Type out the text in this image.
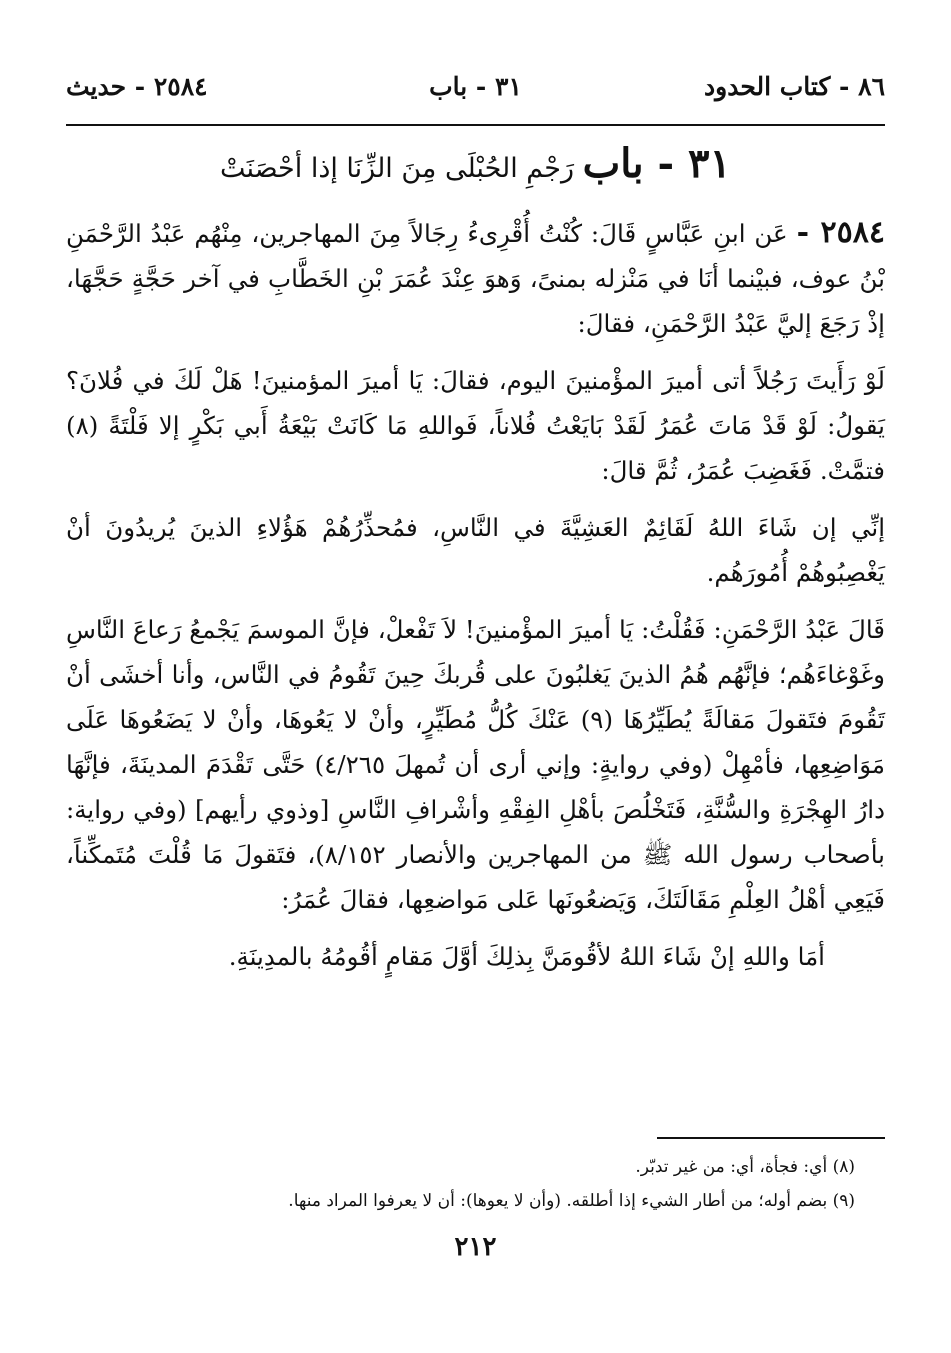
٨٦ - كتاب الحدود
٣١ - باب
٢٥٨٤ - حديث
٣١ - باب رَجْمِ الحُبْلَى مِنَ الزِّنَا إذا أحْصَنَتْ

٢٥٨٤ - عَن ابنِ عَبَّاسٍ قَالَ: كُنْتُ أُقْرِىءُ رِجَالاً مِنَ المهاجرين، مِنْهُم عَبْدُ الرَّحْمَنِ بْنُ عوف، فبيْنما أنَا في مَنْزله بمنىً، وَهوَ عِنْدَ عُمَرَ بْنِ الخَطَّابِ في آخر حَجَّةٍ حَجَّهَا، إذْ رَجَعَ إليَّ عَبْدُ الرَّحْمَنِ، فقالَ:

لَوْ رَأَيتَ رَجُلاً أتى أميرَ المؤْمنينَ اليوم، فقالَ: يَا أميرَ المؤمنينَ! هَلْ لَكَ في فُلانَ؟ يَقولُ: لَوْ قَدْ مَاتَ عُمَرُ لَقَدْ بَايَعْتُ فُلاناً، فَواللهِ مَا كَانَتْ بَيْعَةُ أَبي بَكْرٍ إلا فَلْتَةً (٨) فتمَّتْ. فَغَضِبَ عُمَرُ، ثُمَّ قالَ:

إنِّي إن شَاءَ اللهُ لَقَائِمٌ العَشِيَّةَ في النَّاسِ، فمُحذِّرُهُمْ هَؤُلاءِ الذينَ يُريدُونَ أنْ يَغْصِبُوهُمْ أُمُورَهُم.

قَالَ عَبْدُ الرَّحْمَنِ: فَقُلْتُ: يَا أميرَ المؤْمنينَ! لاَ تَفْعلْ، فإنَّ الموسمَ يَجْمعُ رَعاعَ النَّاسِ وغَوْغاءَهُم؛ فإنَّهُم هُمُ الذينَ يَغلبُونَ على قُربكَ حِينَ تَقُومُ في النَّاس، وأنا أخشَى أنْ تَقُومَ فتَقولَ مَقالَةً يُطَيِّرُهَا (٩) عَنْكَ كُلُّ مُطَيِّرٍ، وأنْ لا يَعُوهَا، وأنْ لا يَضَعُوهَا عَلَى مَوَاضِعِها، فأمْهِلْ (وفي روايةٍ: وإني أرى أن تُمهلَ ٤/٢٦٥) حَتَّى تَقْدَمَ المدينَةَ، فإنَّهَا دارُ الهِجْرَةِ والسُّنَّةِ، فَتَخْلُصَ بأهْلِ الفِقْهِ وأشْرافِ النَّاسِ [وذوي رأيهم] (وفي رواية: بأصحاب رسول الله ﷺ من المهاجرين والأنصار ٨/١٥٢)، فتَقولَ مَا قُلْتَ مُتَمكِّناً، فَيَعِي أهْلُ العِلْمِ مَقَالَتَكَ، وَيَضعُونَها عَلى مَواضعِها، فقالَ عُمَرُ:

أمَا واللهِ إنْ شَاءَ اللهُ لأقُومَنَّ بِذلِكَ أوَّلَ مَقامٍ أقُومُهُ بالمدِينَةِ.

(٨) أي: فجأة، أي: من غير تدبّر.

(٩) بضم أوله؛ من أطار الشيء إذا أطلقه. (وأن لا يعوها): أن لا يعرفوا المراد منها.

٢١٢
